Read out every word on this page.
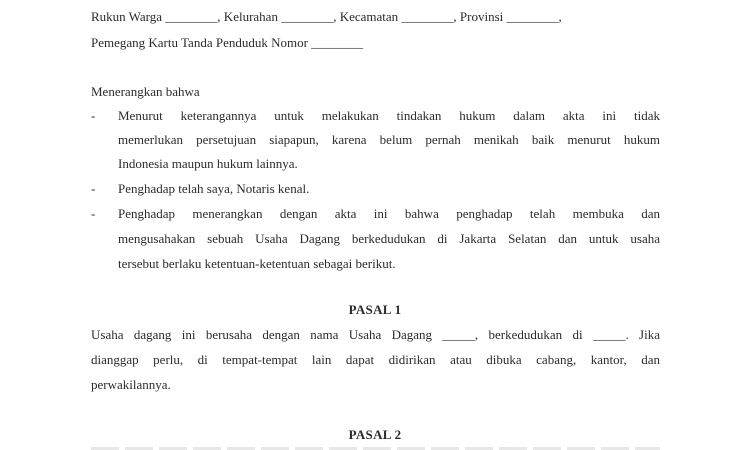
Rukun Warga ________, Kelurahan ________, Kecamatan ________, Provinsi ________,
Pemegang Kartu Tanda Penduduk Nomor ________
Menerangkan bahwa
- Menurut keterangannya untuk melakukan tindakan hukum dalam akta ini tidak
memerlukan persetujuan siapapun, karena belum pernah menikah baik menurut hukum
Indonesia maupun hukum lainnya.
- Penghadap telah saya, Notaris kenal.
- Penghadap menerangkan dengan akta ini bahwa penghadap telah membuka dan
mengusahakan sebuah Usaha Dagang berkedudukan di Jakarta Selatan dan untuk usaha
tersebut berlaku ketentuan-ketentuan sebagai berikut.
PASAL 1
Usaha dagang ini berusaha dengan nama Usaha Dagang _____, berkedudukan di _____. Jika
dianggap perlu, di tempat-tempat lain dapat didirikan atau dibuka cabang, kantor, dan
perwakilannya.
PASAL 2
